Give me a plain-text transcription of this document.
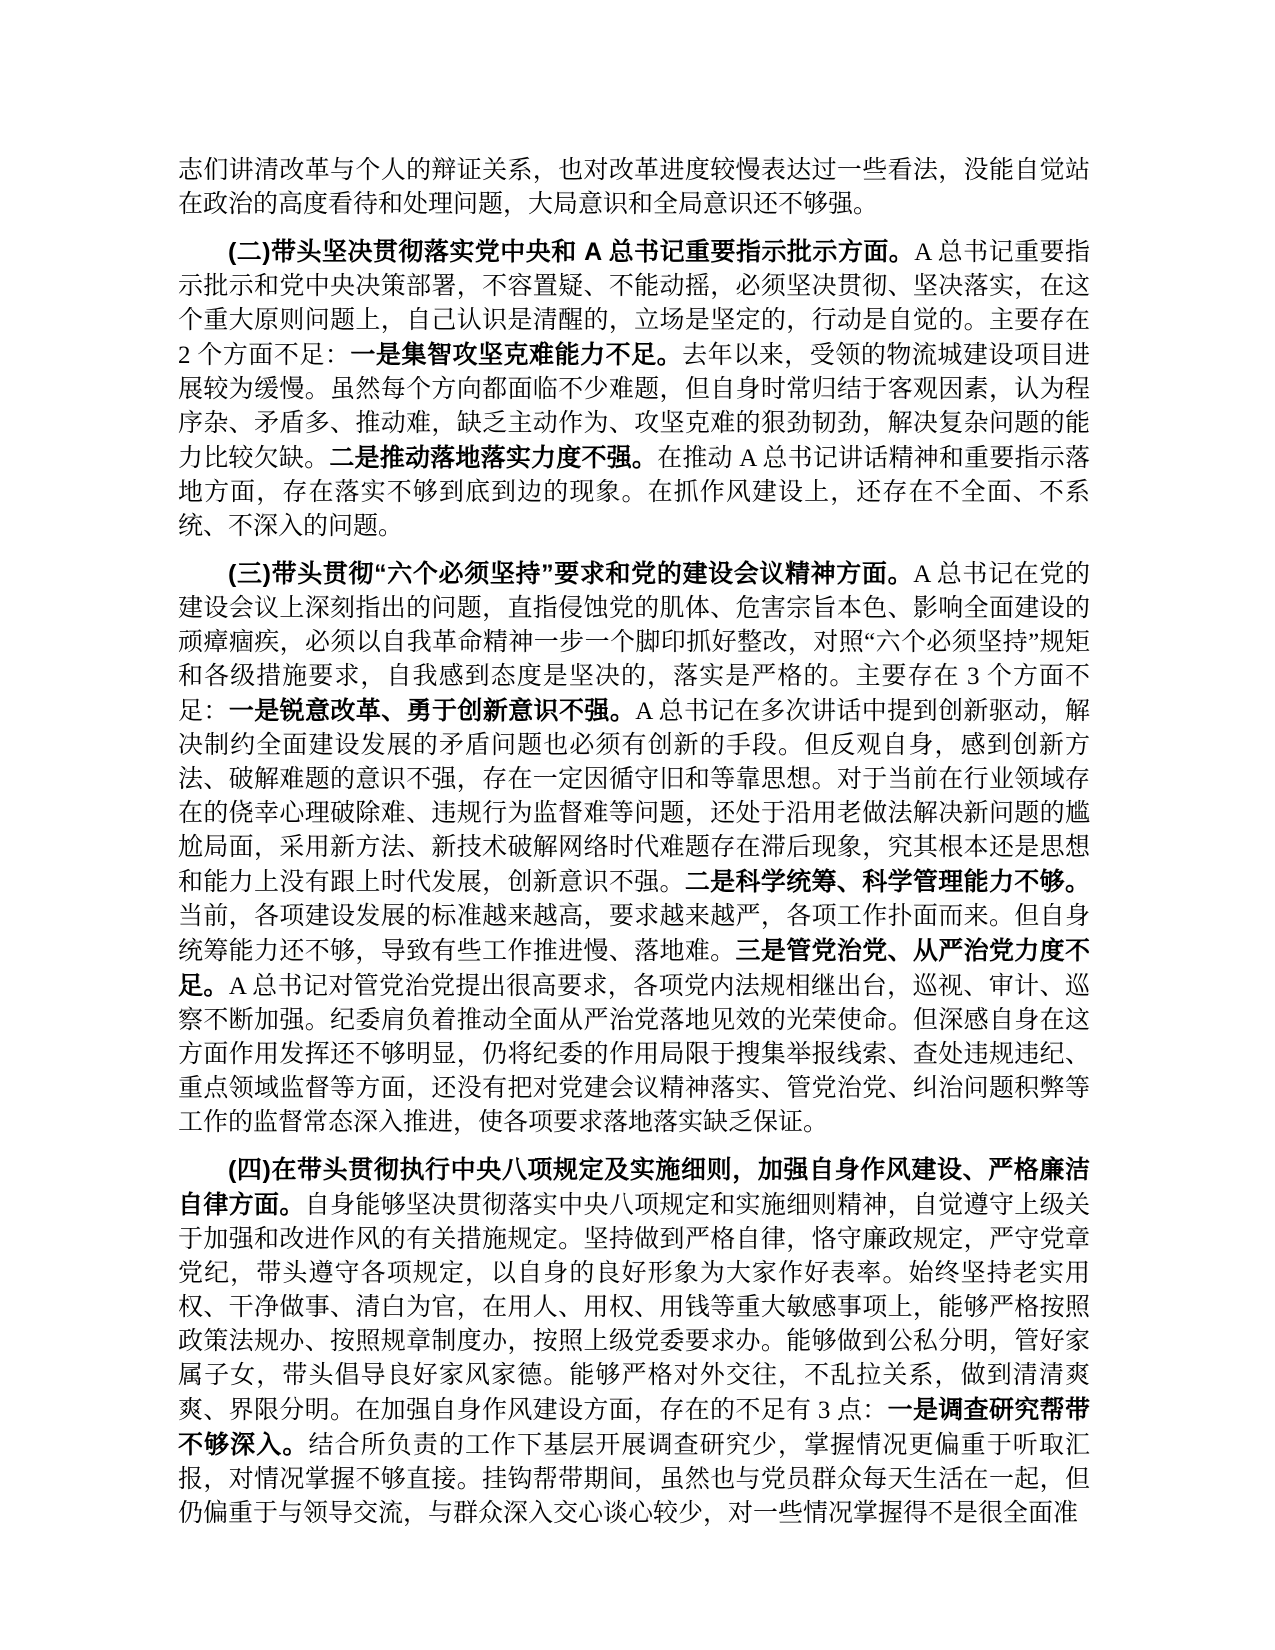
志们讲清改革与个人的辩证关系，也对改革进度较慢表达过一些看法，没能自觉站在政治的高度看待和处理问题，大局意识和全局意识还不够强。

(二)带头坚决贯彻落实党中央和 A 总书记重要指示批示方面。A 总书记重要指示批示和党中央决策部署，不容置疑、不能动摇，必须坚决贯彻、坚决落实，在这个重大原则问题上，自己认识是清醒的，立场是坚定的，行动是自觉的。主要存在 2 个方面不足：一是集智攻坚克难能力不足。去年以来，受领的物流城建设项目进展较为缓慢。虽然每个方向都面临不少难题，但自身时常归结于客观因素，认为程序杂、矛盾多、推动难，缺乏主动作为、攻坚克难的狠劲韧劲，解决复杂问题的能力比较欠缺。二是推动落地落实力度不强。在推动 A 总书记讲话精神和重要指示落地方面，存在落实不够到底到边的现象。在抓作风建设上，还存在不全面、不系统、不深入的问题。

(三)带头贯彻“六个必须坚持”要求和党的建设会议精神方面。A 总书记在党的建设会议上深刻指出的问题，直指侵蚀党的肌体、危害宗旨本色、影响全面建设的顽瘴痼疾，必须以自我革命精神一步一个脚印抓好整改，对照“六个必须坚持”规矩和各级措施要求，自我感到态度是坚决的，落实是严格的。主要存在 3 个方面不足：一是锐意改革、勇于创新意识不强。A 总书记在多次讲话中提到创新驱动，解决制约全面建设发展的矛盾问题也必须有创新的手段。但反观自身，感到创新方法、破解难题的意识不强，存在一定因循守旧和等靠思想。对于当前在行业领域存在的侥幸心理破除难、违规行为监督难等问题，还处于沿用老做法解决新问题的尴尬局面，采用新方法、新技术破解网络时代难题存在滞后现象，究其根本还是思想和能力上没有跟上时代发展，创新意识不强。二是科学统筹、科学管理能力不够。当前，各项建设发展的标准越来越高，要求越来越严，各项工作扑面而来。但自身统筹能力还不够，导致有些工作推进慢、落地难。三是管党治党、从严治党力度不足。A 总书记对管党治党提出很高要求，各项党内法规相继出台，巡视、审计、巡察不断加强。纪委肩负着推动全面从严治党落地见效的光荣使命。但深感自身在这方面作用发挥还不够明显，仍将纪委的作用局限于搜集举报线索、查处违规违纪、重点领域监督等方面，还没有把对党建会议精神落实、管党治党、纠治问题积弊等工作的监督常态深入推进，使各项要求落地落实缺乏保证。

(四)在带头贯彻执行中央八项规定及实施细则，加强自身作风建设、严格廉洁自律方面。自身能够坚决贯彻落实中央八项规定和实施细则精神，自觉遵守上级关于加强和改进作风的有关措施规定。坚持做到严格自律，恪守廉政规定，严守党章党纪，带头遵守各项规定，以自身的良好形象为大家作好表率。始终坚持老实用权、干净做事、清白为官，在用人、用权、用钱等重大敏感事项上，能够严格按照政策法规办、按照规章制度办，按照上级党委要求办。能够做到公私分明，管好家属子女，带头倡导良好家风家德。能够严格对外交往，不乱拉关系，做到清清爽爽、界限分明。在加强自身作风建设方面，存在的不足有 3 点：一是调查研究帮带不够深入。结合所负责的工作下基层开展调查研究少，掌握情况更偏重于听取汇报，对情况掌握不够直接。挂钩帮带期间，虽然也与党员群众每天生活在一起，但仍偏重于与领导交流，与群众深入交心谈心较少，对一些情况掌握得不是很全面准
